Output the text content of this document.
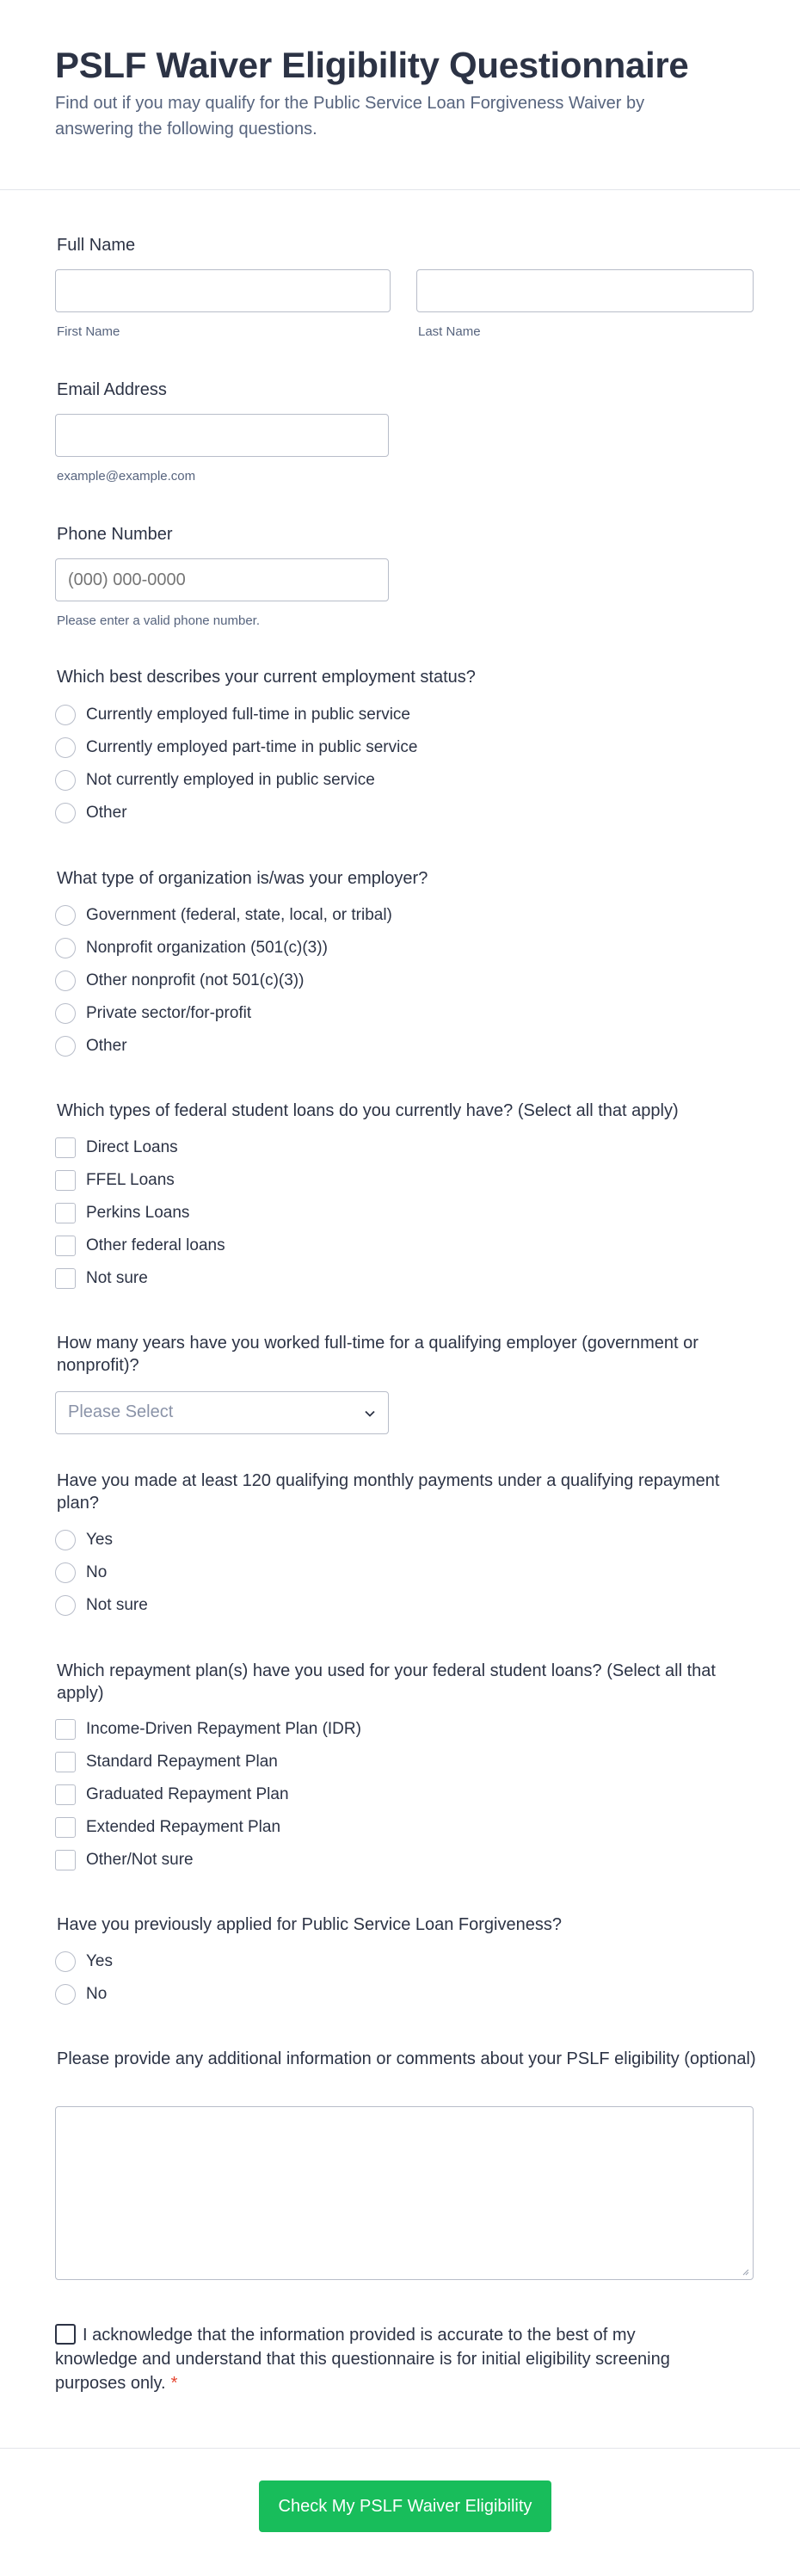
PSLF Waiver Eligibility Questionnaire

Find out if you may qualify for the Public Service Loan Forgiveness Waiver by answering the following questions.

Full Name
First Name	Last Name
Email Address
example@example.com
Phone Number
(000) 000-0000
Please enter a valid phone number.
Which best describes your current employment status?
Currently employed full-time in public service
Currently employed part-time in public service
Not currently employed in public service
Other
What type of organization is/was your employer?
Government (federal, state, local, or tribal)
Nonprofit organization (501(c)(3))
Other nonprofit (not 501(c)(3))
Private sector/for-profit
Other
Which types of federal student loans do you currently have? (Select all that apply)
Direct Loans
FFEL Loans
Perkins Loans
Other federal loans
Not sure
How many years have you worked full-time for a qualifying employer (government or nonprofit)?
Please Select
Have you made at least 120 qualifying monthly payments under a qualifying repayment plan?
Yes
No
Not sure
Which repayment plan(s) have you used for your federal student loans? (Select all that apply)
Income-Driven Repayment Plan (IDR)
Standard Repayment Plan
Graduated Repayment Plan
Extended Repayment Plan
Other/Not sure
Have you previously applied for Public Service Loan Forgiveness?
Yes
No
Please provide any additional information or comments about your PSLF eligibility (optional)
I acknowledge that the information provided is accurate to the best of my knowledge and understand that this questionnaire is for initial eligibility screening purposes only. *
Check My PSLF Waiver Eligibility
